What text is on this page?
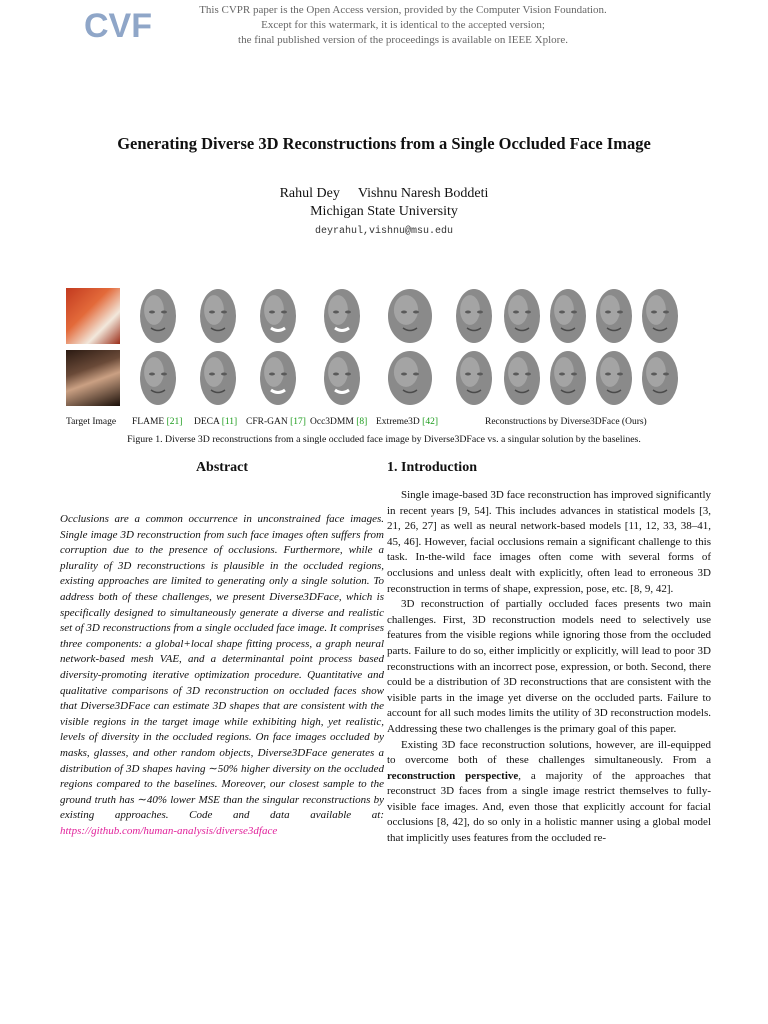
CVF	This CVPR paper is the Open Access version, provided by the Computer Vision Foundation.
Except for this watermark, it is identical to the accepted version;
the final published version of the proceedings is available on IEEE Xplore.
Generating Diverse 3D Reconstructions from a Single Occluded Face Image
Rahul Dey Vishnu Naresh Boddeti
Michigan State University
deyrahul,vishnu@msu.edu
Target Image FLAME [21] DECA [11] CFR-GAN [17] Occ3DMM [8] Extreme3D [42]	Reconstructions by Diverse3DFace (Ours)
Figure 1. Diverse 3D reconstructions from a single occluded face image by Diverse3DFace vs. a singular solution by the baselines.
Abstract

Occlusions are a common occurrence in unconstrained face images. Single image 3D reconstruction from such face images often suffers from corruption due to the presence of occlusions. Furthermore, while a plurality of 3D reconstructions is plausible in the occluded regions, existing approaches are limited to generating only a single solution. To address both of these challenges, we present Diverse3DFace, which is specifically designed to simultaneously generate a diverse and realistic set of 3D reconstructions from a single occluded face image. It comprises three components: a global+local shape fitting process, a graph neural network-based mesh VAE, and a determinantal point process based diversity-promoting iterative optimization procedure. Quantitative and qualitative comparisons of 3D reconstruction on occluded faces show that Diverse3DFace can estimate 3D shapes that are consistent with the visible regions in the target image while exhibiting high, yet realistic, levels of diversity in the occluded regions. On face images occluded by masks, glasses, and other random objects, Diverse3DFace generates a distribution of 3D shapes having ∼50% higher diversity on the occluded regions compared to the baselines. Moreover, our closest sample to the ground truth has ∼40% lower MSE than the singular reconstructions by existing approaches. Code and data available at: https://github.com/human-analysis/diverse3dface

1. Introduction

Single image-based 3D face reconstruction has improved significantly in recent years [9, 54]. This includes advances in statistical models [3, 21, 26, 27] as well as neural network-based models [11, 12, 33, 38–41, 45, 46]. However, facial occlusions remain a significant challenge to this task. In-the-wild face images often come with several forms of occlusions and unless dealt with explicitly, often lead to erroneous 3D reconstruction in terms of shape, expression, pose, etc. [8, 9, 42].

3D reconstruction of partially occluded faces presents two main challenges. First, 3D reconstruction models need to selectively use features from the visible regions while ignoring those from the occluded parts. Failure to do so, either implicitly or explicitly, will lead to poor 3D reconstructions with an incorrect pose, expression, or both. Second, there could be a distribution of 3D reconstructions that are consistent with the visible parts in the image yet diverse on the occluded parts. Failure to account for all such modes limits the utility of 3D reconstruction models. Addressing these two challenges is the primary goal of this paper.

Existing 3D face reconstruction solutions, however, are ill-equipped to overcome both of these challenges simultaneously. From a reconstruction perspective, a majority of the approaches that reconstruct 3D faces from a single image restrict themselves to fully-visible face images. And, even those that explicitly account for facial occlusions [8, 42], do so only in a holistic manner using a global model that implicitly uses features from the occluded re-
